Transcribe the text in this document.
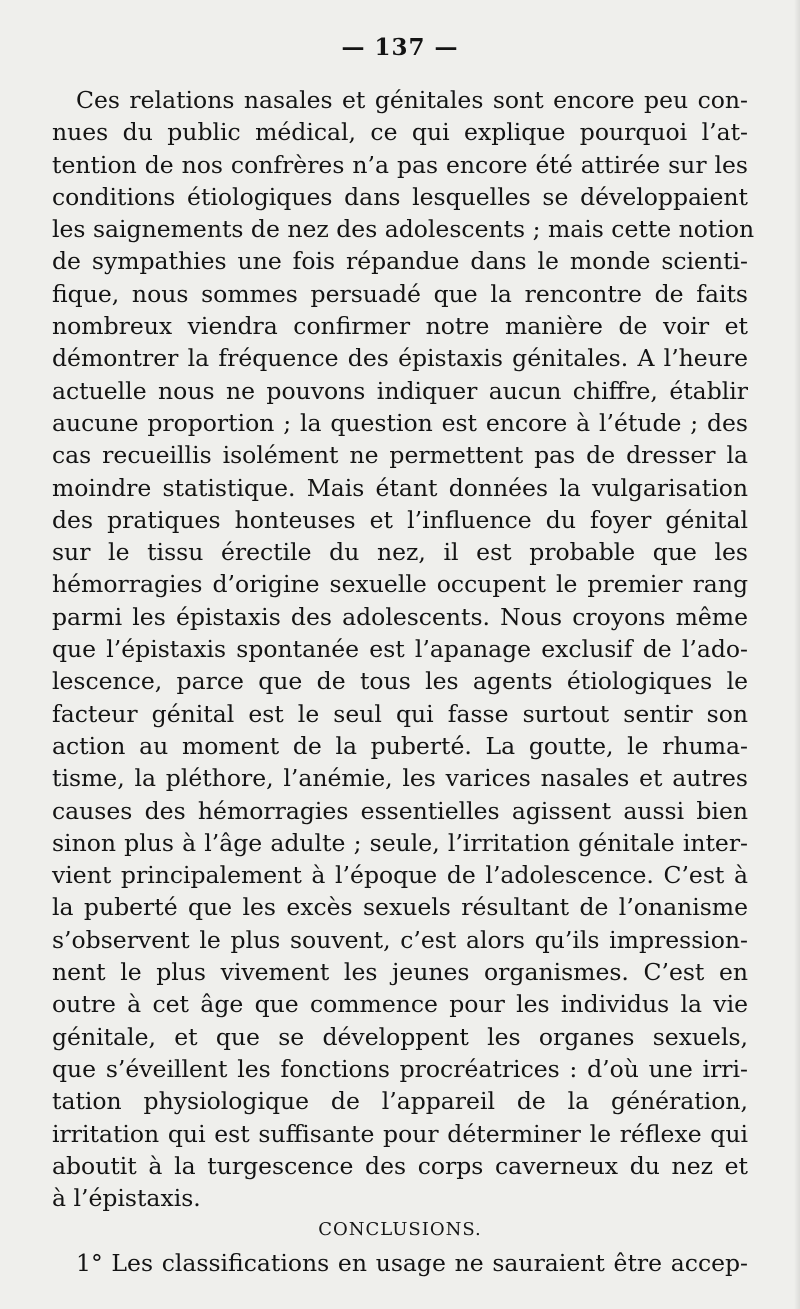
— 137 —
Ces relations nasales et génitales sont encore peu con-
nues du public médical, ce qui explique pourquoi l’at-
tention de nos confrères n’a pas encore été attirée sur les
conditions étiologiques dans lesquelles se développaient
les saignements de nez des adolescents ; mais cette notion
de sympathies une fois répandue dans le monde scienti-
fique, nous sommes persuadé que la rencontre de faits
nombreux viendra confirmer notre manière de voir et
démontrer la fréquence des épistaxis génitales. A l’heure
actuelle nous ne pouvons indiquer aucun chiffre, établir
aucune proportion ; la question est encore à l’étude ; des
cas recueillis isolément ne permettent pas de dresser la
moindre statistique. Mais étant données la vulgarisation
des pratiques honteuses et l’influence du foyer génital
sur le tissu érectile du nez, il est probable que les
hémorragies d’origine sexuelle occupent le premier rang
parmi les épistaxis des adolescents. Nous croyons même
que l’épistaxis spontanée est l’apanage exclusif de l’ado-
lescence, parce que de tous les agents étiologiques le
facteur génital est le seul qui fasse surtout sentir son
action au moment de la puberté. La goutte, le rhuma-
tisme, la pléthore, l’anémie, les varices nasales et autres
causes des hémorragies essentielles agissent aussi bien
sinon plus à l’âge adulte ; seule, l’irritation génitale inter-
vient principalement à l’époque de l’adolescence. C’est à
la puberté que les excès sexuels résultant de l’onanisme
s’observent le plus souvent, c’est alors qu’ils impression-
nent le plus vivement les jeunes organismes. C’est en
outre à cet âge que commence pour les individus la vie
génitale, et que se développent les organes sexuels,
que s’éveillent les fonctions procréatrices : d’où une irri-
tation physiologique de l’appareil de la génération,
irritation qui est suffisante pour déterminer le réflexe qui
aboutit à la turgescence des corps caverneux du nez et
à l’épistaxis.
CONCLUSIONS.
1° Les classifications en usage ne sauraient être accep-
